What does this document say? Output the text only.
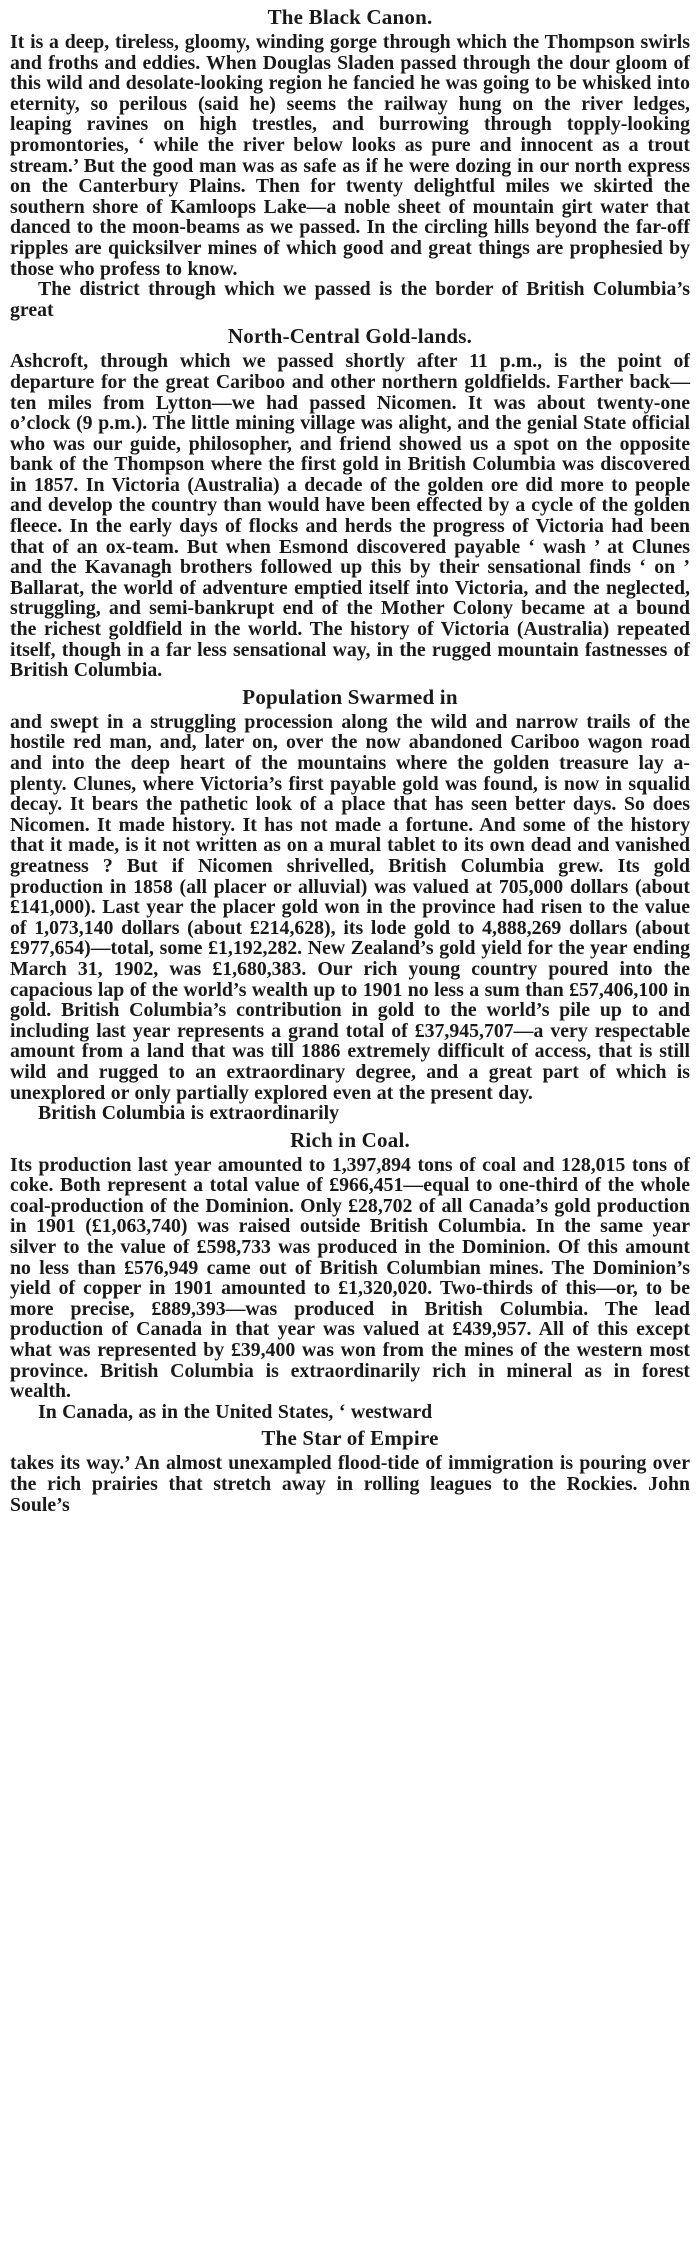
The Black Canon.

It is a deep, tireless, gloomy, winding gorge through which the Thompson swirls and froths and eddies. When Douglas Sladen passed through the dour gloom of this wild and desolate-looking region he fancied he was going to be whisked into eternity, so perilous (said he) seems the railway hung on the river ledges, leaping ravines on high trestles, and burrowing through topply-looking promontories, ‘ while the river below looks as pure and innocent as a trout stream.’ But the good man was as safe as if he were dozing in our north express on the Canterbury Plains. Then for twenty delightful miles we skirted the southern shore of Kamloops Lake—a noble sheet of mountain girt water that danced to the moon-beams as we passed. In the circling hills beyond the far-off ripples are quicksilver mines of which good and great things are prophesied by those who profess to know.

The district through which we passed is the border of British Columbia’s great

North-Central Gold-lands.

Ashcroft, through which we passed shortly after 11 p.m., is the point of departure for the great Cariboo and other northern goldfields. Farther back—ten miles from Lytton—we had passed Nicomen. It was about twenty-one o’clock (9 p.m.). The little mining village was alight, and the genial State official who was our guide, philosopher, and friend showed us a spot on the opposite bank of the Thompson where the first gold in British Columbia was discovered in 1857. In Victoria (Australia) a decade of the golden ore did more to people and develop the country than would have been effected by a cycle of the golden fleece. In the early days of flocks and herds the progress of Victoria had been that of an ox-team. But when Esmond discovered payable ‘ wash ’ at Clunes and the Kavanagh brothers followed up this by their sensational finds ‘ on ’ Ballarat, the world of adventure emptied itself into Victoria, and the neglected, struggling, and semi-bankrupt end of the Mother Colony became at a bound the richest goldfield in the world. The history of Victoria (Australia) repeated itself, though in a far less sensational way, in the rugged mountain fastnesses of British Columbia.

Population Swarmed in

and swept in a struggling procession along the wild and narrow trails of the hostile red man, and, later on, over the now abandoned Cariboo wagon road and into the deep heart of the mountains where the golden treasure lay a-plenty. Clunes, where Victoria’s first payable gold was found, is now in squalid decay. It bears the pathetic look of a place that has seen better days. So does Nicomen. It made history. It has not made a fortune. And some of the history that it made, is it not written as on a mural tablet to its own dead and vanished greatness ? But if Nicomen shrivelled, British Columbia grew. Its gold production in 1858 (all placer or alluvial) was valued at 705,000 dollars (about £141,000). Last year the placer gold won in the province had risen to the value of 1,073,140 dollars (about £214,628), its lode gold to 4,888,269 dollars (about £977,654)—total, some £1,192,282. New Zealand’s gold yield for the year ending March 31, 1902, was £1,680,383. Our rich young country poured into the capacious lap of the world’s wealth up to 1901 no less a sum than £57,406,100 in gold. British Columbia’s contribution in gold to the world’s pile up to and including last year represents a grand total of £37,945,707—a very respectable amount from a land that was till 1886 extremely difficult of access, that is still wild and rugged to an extraordinary degree, and a great part of which is unexplored or only partially explored even at the present day.

British Columbia is extraordinarily

Rich in Coal.

Its production last year amounted to 1,397,894 tons of coal and 128,015 tons of coke. Both represent a total value of £966,451—equal to one-third of the whole coal-production of the Dominion. Only £28,702 of all Canada’s gold production in 1901 (£1,063,740) was raised outside British Columbia. In the same year silver to the value of £598,733 was produced in the Dominion. Of this amount no less than £576,949 came out of British Columbian mines. The Dominion’s yield of copper in 1901 amounted to £1,320,020. Two-thirds of this—or, to be more precise, £889,393—was produced in British Columbia. The lead production of Canada in that year was valued at £439,957. All of this except what was represented by £39,400 was won from the mines of the western most province. British Columbia is extraordinarily rich in mineral as in forest wealth.

In Canada, as in the United States, ‘ westward

The Star of Empire

takes its way.’ An almost unexampled flood-tide of immigration is pouring over the rich prairies that stretch away in rolling leagues to the Rockies. John Soule’s
